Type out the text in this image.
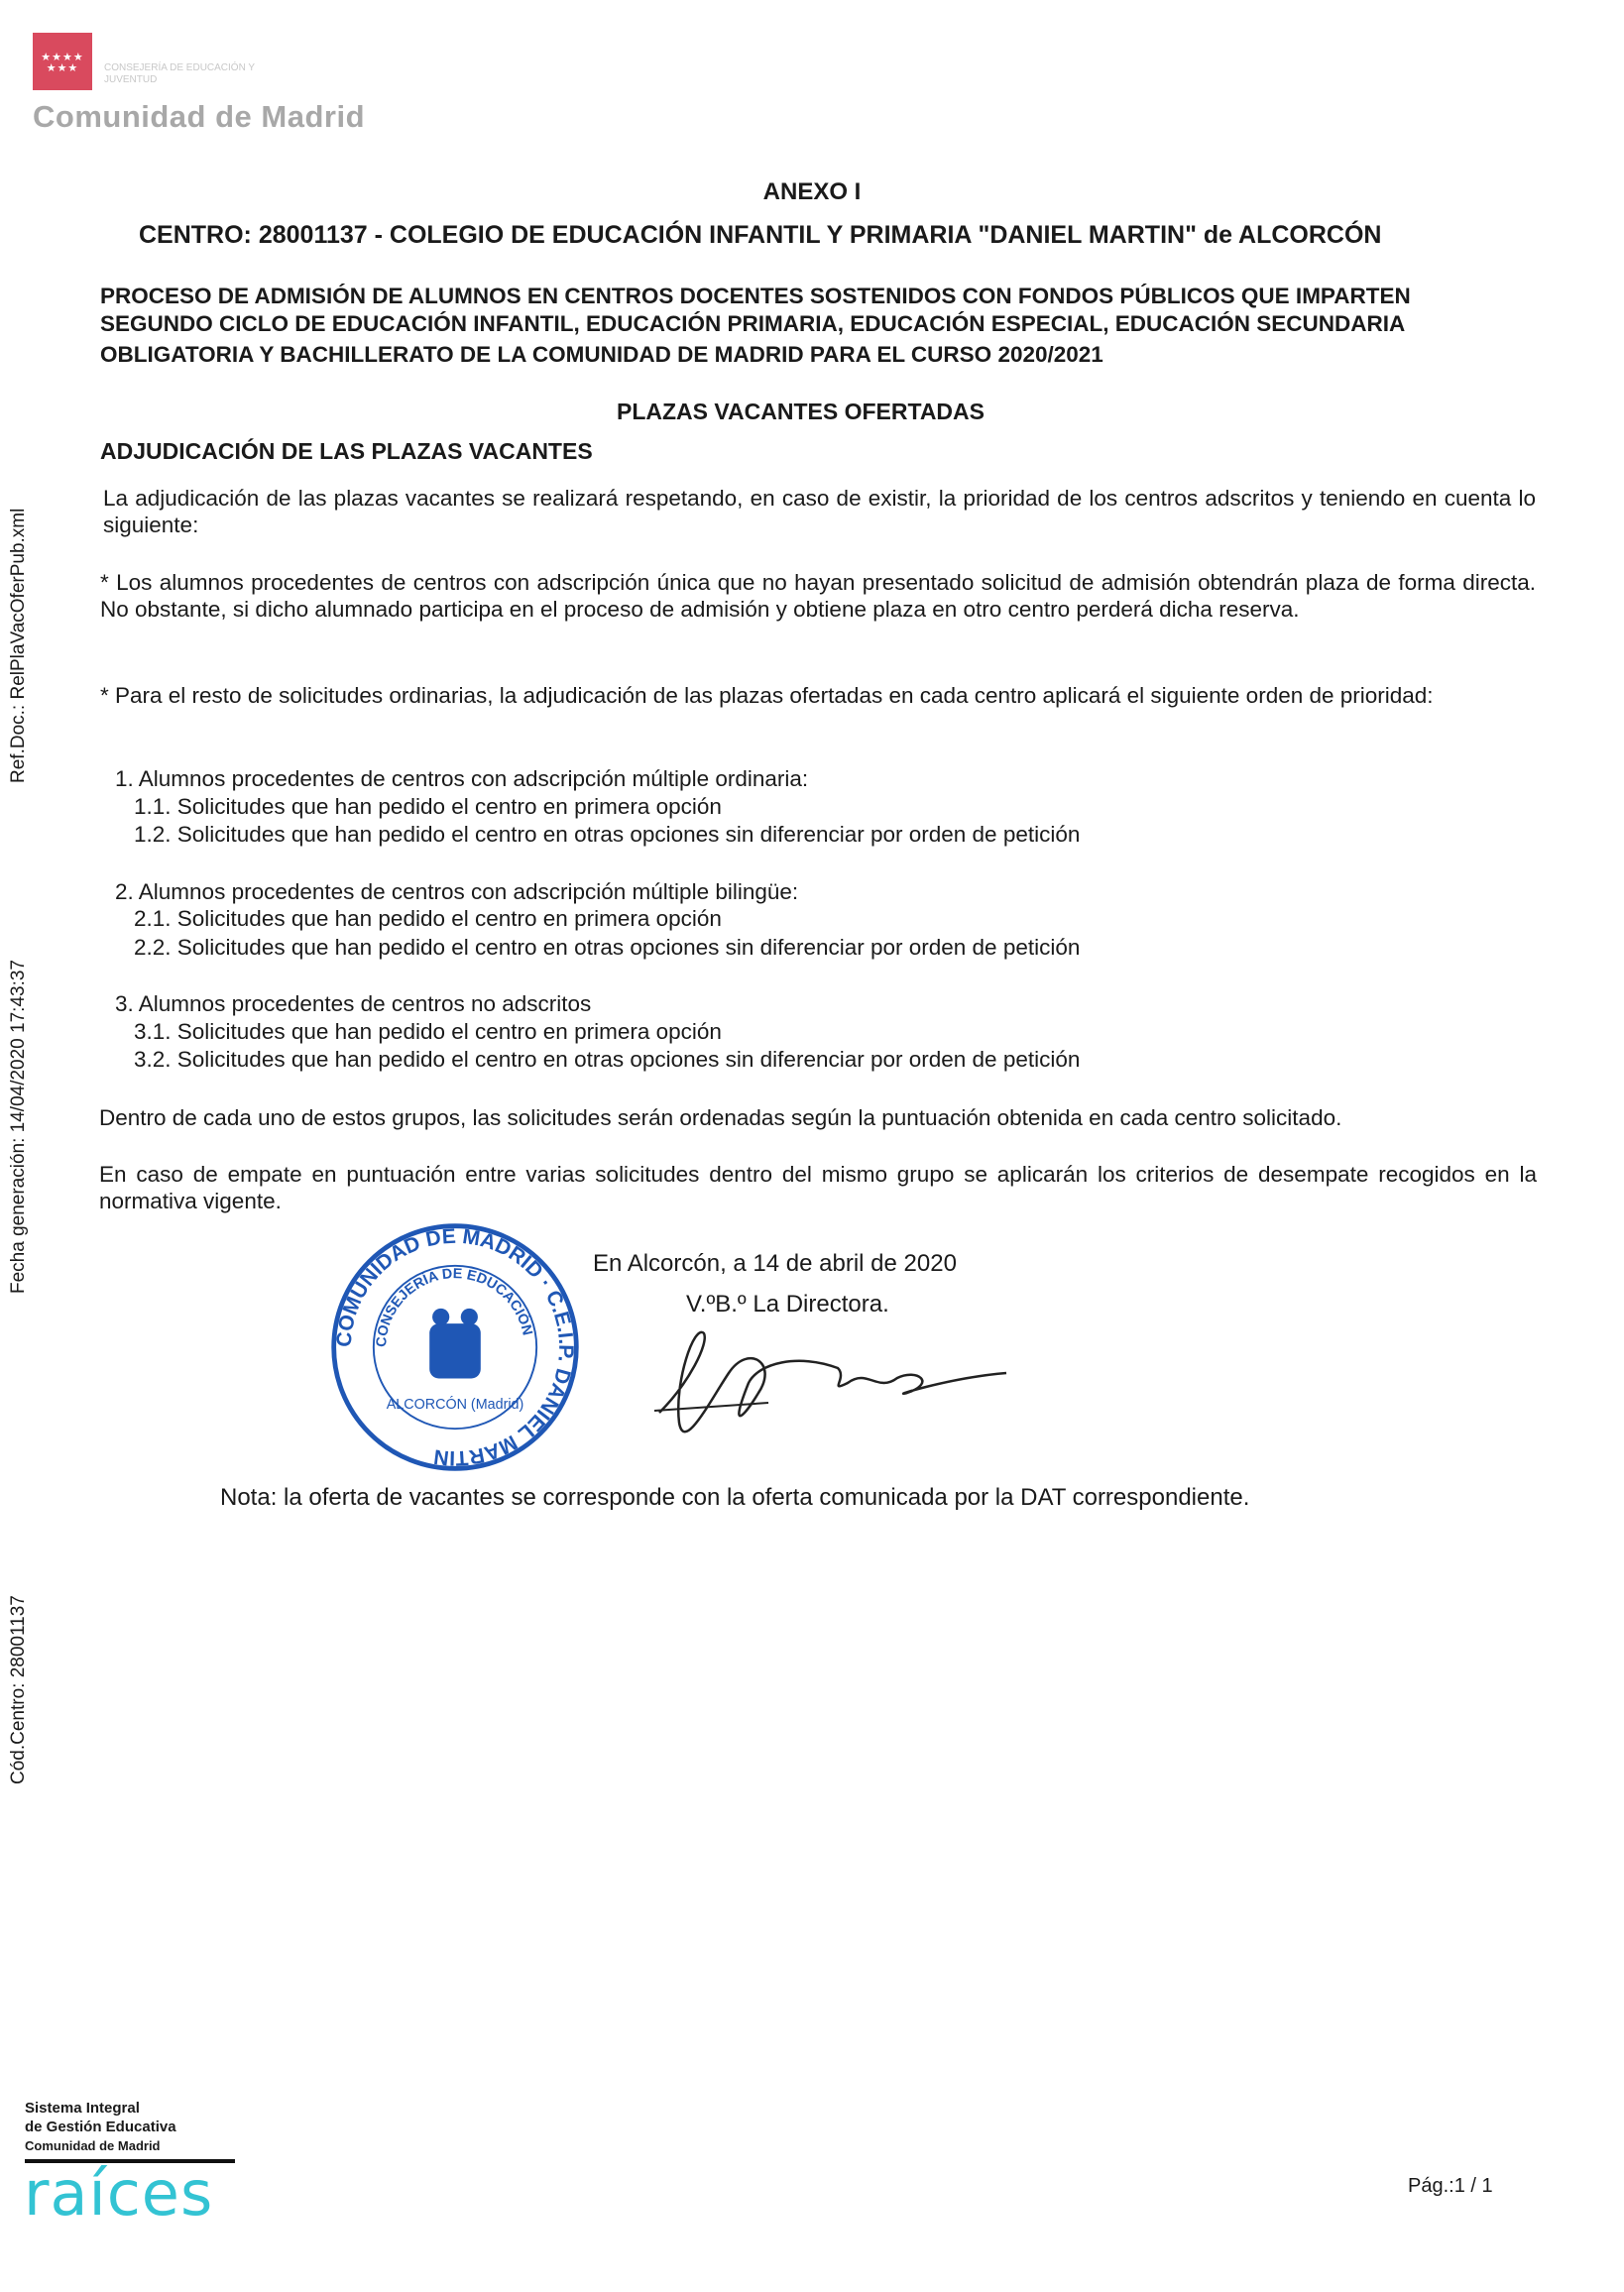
★★★★
★★★	CONSEJERÍA DE EDUCACIÓN Y JUVENTUD
Comunidad de Madrid
Ref.Doc.: RelPlaVacOferPub.xml
Fecha generación: 14/04/2020 17:43:37
Cód.Centro: 28001137
ANEXO I
CENTRO: 28001137 - COLEGIO DE EDUCACIÓN INFANTIL Y PRIMARIA "DANIEL MARTIN" de ALCORCÓN
PROCESO DE ADMISIÓN DE ALUMNOS EN CENTROS DOCENTES SOSTENIDOS CON FONDOS PÚBLICOS QUE IMPARTEN
SEGUNDO CICLO DE EDUCACIÓN INFANTIL, EDUCACIÓN PRIMARIA, EDUCACIÓN ESPECIAL, EDUCACIÓN SECUNDARIA
OBLIGATORIA Y BACHILLERATO DE LA COMUNIDAD DE MADRID PARA EL CURSO 2020/2021
PLAZAS VACANTES OFERTADAS
ADJUDICACIÓN DE LAS PLAZAS VACANTES
La adjudicación de las plazas vacantes se realizará respetando, en caso de existir, la prioridad de los centros adscritos y teniendo en cuenta lo siguiente:
* Los alumnos procedentes de centros con adscripción única que no hayan presentado solicitud de admisión obtendrán plaza de forma directa. No obstante, si dicho alumnado participa en el proceso de admisión y obtiene plaza en otro centro perderá dicha reserva.
* Para el resto de solicitudes ordinarias, la adjudicación de las plazas ofertadas en cada centro aplicará el siguiente orden de prioridad:
1. Alumnos procedentes de centros con adscripción múltiple ordinaria:
1.1. Solicitudes que han pedido el centro en primera opción
1.2. Solicitudes que han pedido el centro en otras opciones sin diferenciar por orden de petición
2. Alumnos procedentes de centros con adscripción múltiple bilingüe:
2.1. Solicitudes que han pedido el centro en primera opción
2.2. Solicitudes que han pedido el centro en otras opciones sin diferenciar por orden de petición
3. Alumnos procedentes de centros no adscritos
3.1. Solicitudes que han pedido el centro en primera opción
3.2. Solicitudes que han pedido el centro en otras opciones sin diferenciar por orden de petición
Dentro de cada uno de estos grupos, las solicitudes serán ordenadas según la puntuación obtenida en cada centro solicitado.
En caso de empate en puntuación entre varias solicitudes dentro del mismo grupo se aplicarán los criterios de desempate recogidos en la normativa vigente.
En Alcorcón, a 14 de abril de 2020
V.ºB.º La Directora.
COMUNIDAD DE MADRID · C.E.I.P. DANIEL MARTIN
CONSEJERÍA DE EDUCACIÓN
ALCORCÓN (Madrid)
Nota: la oferta de vacantes se corresponde con la oferta comunicada por la DAT correspondiente.
Sistema Integral
de Gestión Educativa
Comunidad de Madrid
raíces	Pág.:1 / 1
